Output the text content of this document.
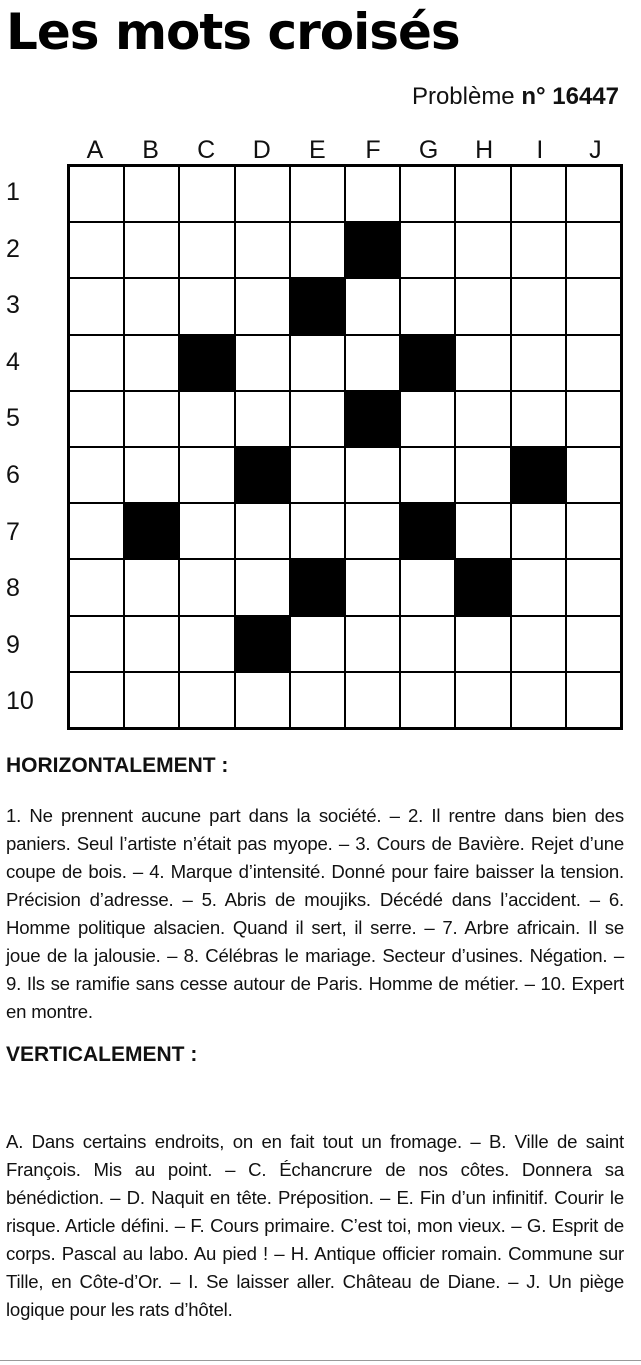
Les mots croisés
Problème n° 16447
A	B	C	D	E	F	G	H	I	J
1
2
3
4
5
6
7
8
9
10
HORIZONTALEMENT :

1. Ne prennent aucune part dans la société. – 2. Il rentre dans bien des paniers. Seul l’artiste n’était pas myope. – 3. Cours de Bavière. Rejet d’une coupe de bois. – 4. Marque d’intensité. Donné pour faire baisser la tension. Précision d’adresse. – 5. Abris de moujiks. Décédé dans l’accident. – 6. Homme politique alsacien. Quand il sert, il serre. – 7. Arbre africain. Il se joue de la jalousie. – 8. Célébras le mariage. Secteur d’usines. Négation. – 9. Ils se ramifie sans cesse autour de Paris. Homme de métier. – 10. Expert en montre.

VERTICALEMENT :

A. Dans certains endroits, on en fait tout un fromage. – B. Ville de saint François. Mis au point. – C. Échancrure de nos côtes. Donnera sa bénédiction. – D. Naquit en tête. Préposition. – E. Fin d’un infinitif. Courir le risque. Article défini. – F. Cours primaire. C’est toi, mon vieux. – G. Esprit de corps. Pascal au labo. Au pied ! – H. Antique officier romain. Commune sur Tille, en Côte-d’Or. – I. Se laisser aller. Château de Diane. – J. Un piège logique pour les rats d’hôtel.
